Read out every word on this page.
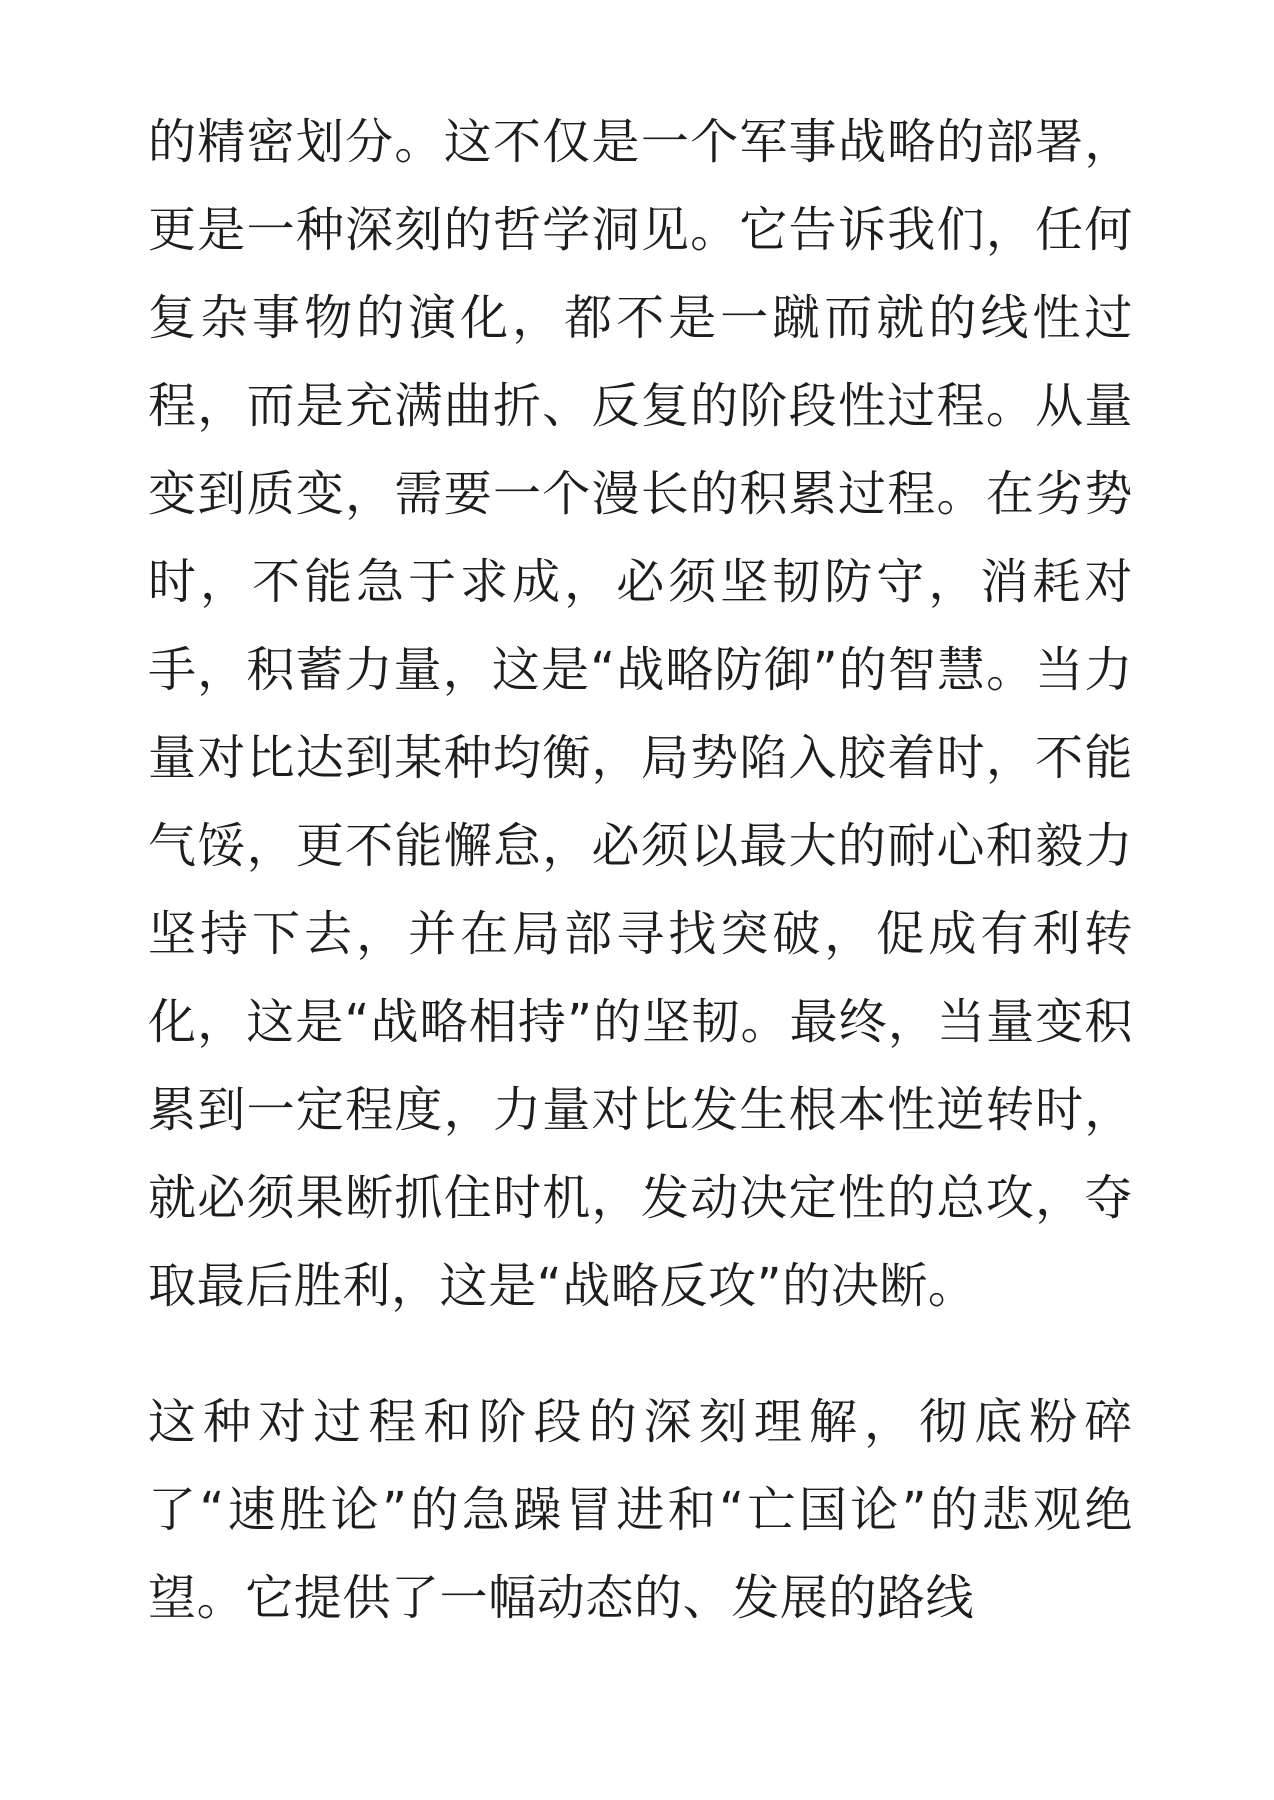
的精密划分。这不仅是一个军事战略的部署，更是一种深刻的哲学洞见。它告诉我们，任何复杂事物的演化，都不是一蹴而就的线性过程，而是充满曲折、反复的阶段性过程。从量变到质变，需要一个漫长的积累过程。在劣势时，不能急于求成，必须坚韧防守，消耗对手，积蓄力量，这是“战略防御”的智慧。当力量对比达到某种均衡，局势陷入胶着时，不能气馁，更不能懈怠，必须以最大的耐心和毅力坚持下去，并在局部寻找突破，促成有利转化，这是“战略相持”的坚韧。最终，当量变积累到一定程度，力量对比发生根本性逆转时，就必须果断抓住时机，发动决定性的总攻，夺取最后胜利，这是“战略反攻”的决断。

这种对过程和阶段的深刻理解，彻底粉碎了“速胜论”的急躁冒进和“亡国论”的悲观绝望。它提供了一幅动态的、发展的路线
